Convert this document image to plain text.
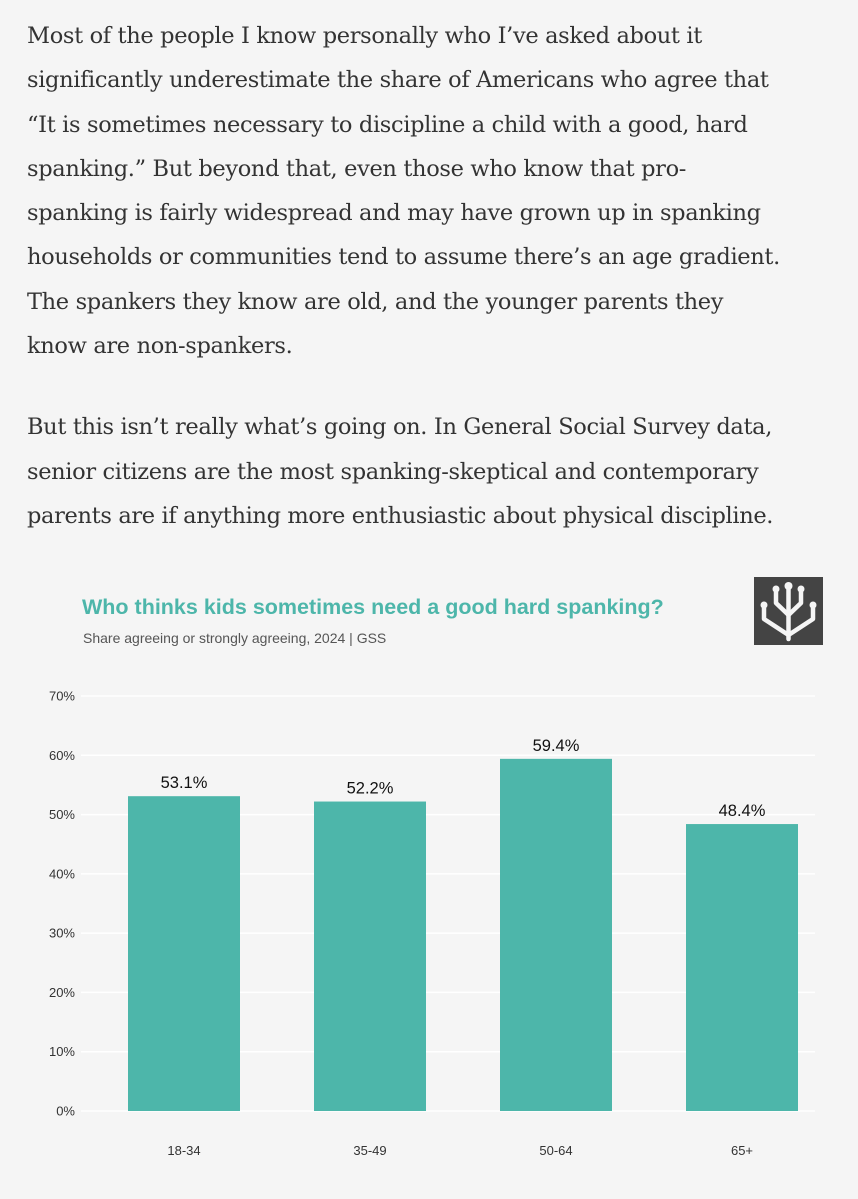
Most of the people I know personally who I’ve asked about it
significantly underestimate the share of Americans who agree that
“It is sometimes necessary to discipline a child with a good, hard
spanking.” But beyond that, even those who know that pro-
spanking is fairly widespread and may have grown up in spanking
households or communities tend to assume there’s an age gradient.
The spankers they know are old, and the younger parents they
know are non-spankers.

But this isn’t really what’s going on. In General Social Survey data,
senior citizens are the most spanking-skeptical and contemporary
parents are if anything more enthusiastic about physical discipline.

Who thinks kids sometimes need a good hard spanking?

Share agreeing or strongly agreeing, 2024 | GSS

0%
10%
20%
30%
40%
50%
60%
70%
53.1%
18-34
52.2%
35-49
59.4%
50-64
48.4%
65+
